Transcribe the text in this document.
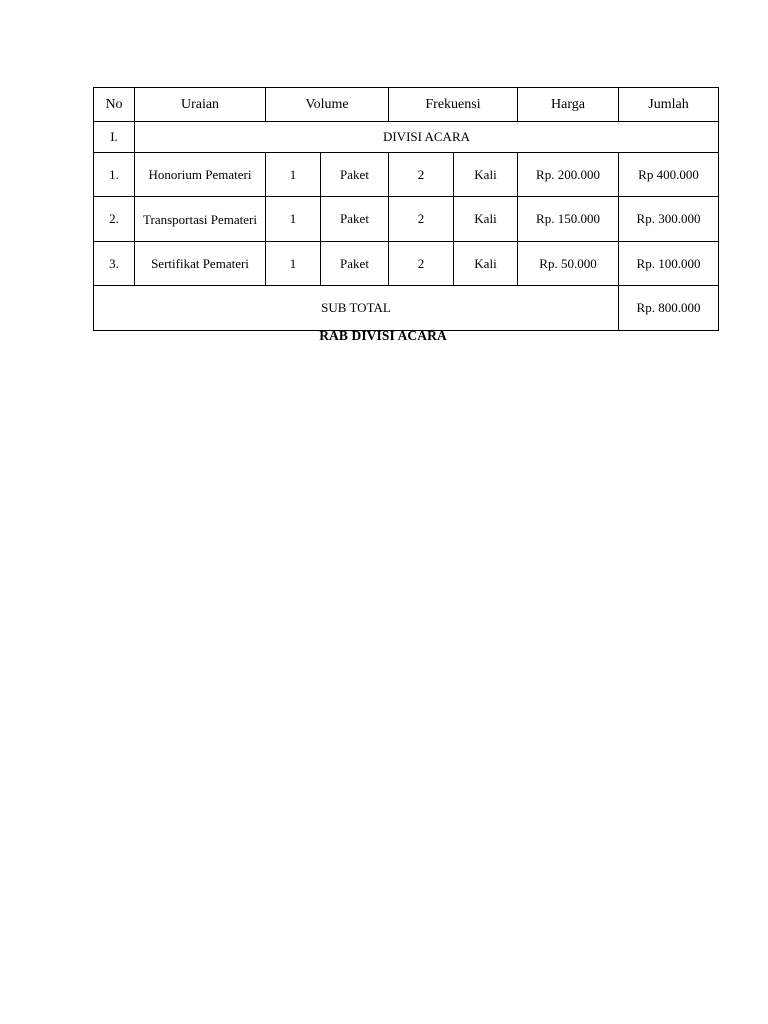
No	Uraian	Volume		Frekuensi		Harga	Jumlah
I.	DIVISI ACARA						
1.	Honorium Pemateri	1	Paket	2	Kali	Rp. 200.000	Rp 400.000
2.	Transportasi Pemateri	1	Paket	2	Kali	Rp. 150.000	Rp. 300.000
3.	Sertifikat Pemateri	1	Paket	2	Kali	Rp. 50.000	Rp. 100.000
SUB TOTAL							Rp. 800.000
RAB DIVISI ACARA
